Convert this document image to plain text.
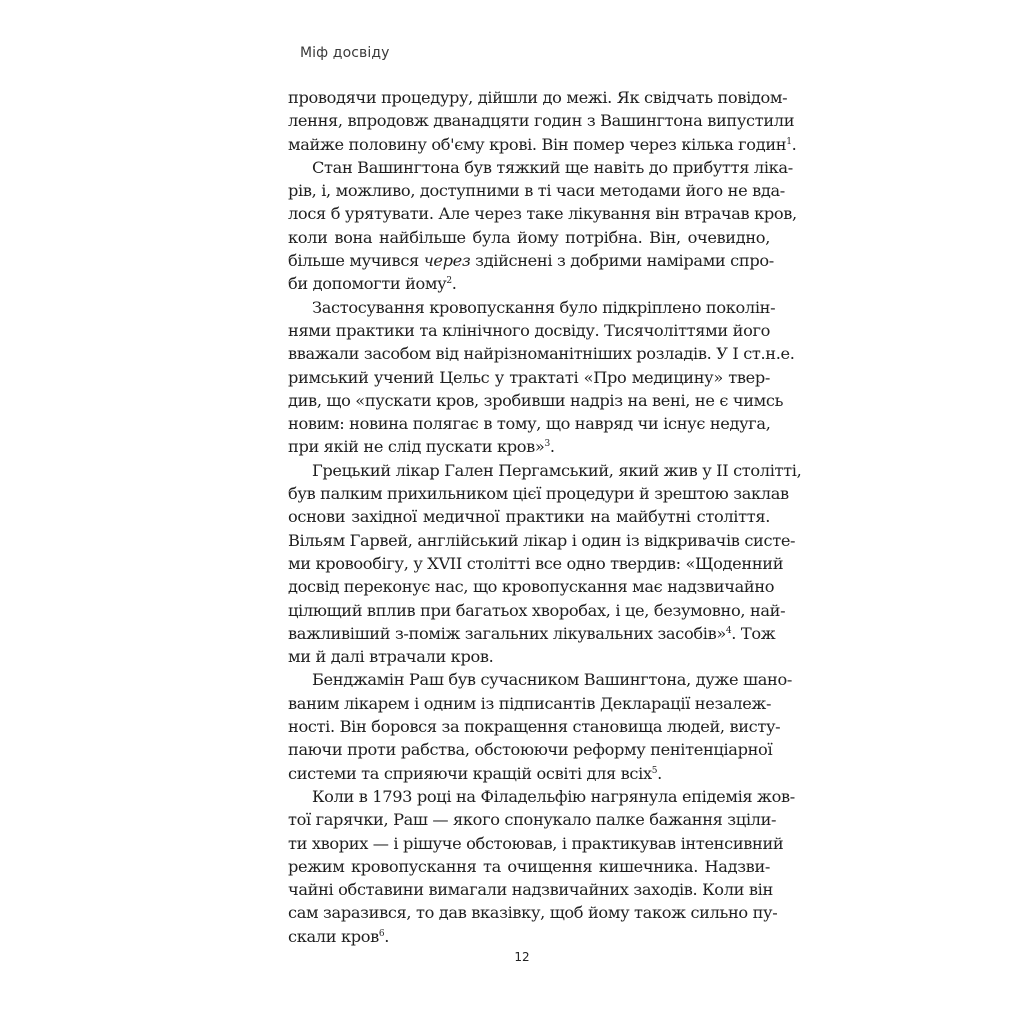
Міф досвіду
проводячи процедуру, дійшли до межі. Як свідчать повідом-
лення, впродовж дванадцяти годин з Вашингтона випустили
майже половину об'єму крові. Він помер через кілька годин$^1$.
Стан Вашингтона був тяжкий ще навіть до прибуття ліка-
рів, і, можливо, доступними в ті часи методами його не вда-
лося б урятувати. Але через таке лікування він втрачав кров,
коли вона найбільше була йому потрібна. Він, очевидно,
більше мучився через здійснені з добрими намірами спро-
би допомогти йому$^2$.
Застосування кровопускання було підкріплено поколін-
нями практики та клінічного досвіду. Тисячоліттями його
вважали засобом від найрізноманітніших розладів. У I ст.н.е.
римський учений Цельс у трактаті «Про медицину» твер-
див, що «пускати кров, зробивши надріз на вені, не є чимсь
новим: новина полягає в тому, що навряд чи існує недуга,
при якій не слід пускати кров»$^3$.
Грецький лікар Гален Пергамський, який жив у II столітті,
був палким прихильником цієї процедури й зрештою заклав
основи західної медичної практики на майбутні століття.
Вільям Гарвей, англійський лікар і один із відкривачів систе-
ми кровообігу, у XVII столітті все одно твердив: «Щоденний
досвід переконує нас, що кровопускання має надзвичайно
цілющий вплив при багатьох хворобах, і це, безумовно, най-
важливіший з-поміж загальних лікувальних засобів»$^4$. Тож
ми й далі втрачали кров.
Бенджамін Раш був сучасником Вашингтона, дуже шано-
ваним лікарем і одним із підписантів Декларації незалеж-
ності. Він боровся за покращення становища людей, висту-
паючи проти рабства, обстоюючи реформу пенітенціарної
системи та сприяючи кращій освіті для всіх$^5$.
Коли в 1793 році на Філадельфію нагрянула епідемія жов-
тої гарячки, Раш — якого спонукало палке бажання зціли-
ти хворих — і рішуче обстоював, і практикував інтенсивний
режим кровопускання та очищення кишечника. Надзви-
чайні обставини вимагали надзвичайних заходів. Коли він
сам заразився, то дав вказівку, щоб йому також сильно пу-
скали кров$^6$.
12
